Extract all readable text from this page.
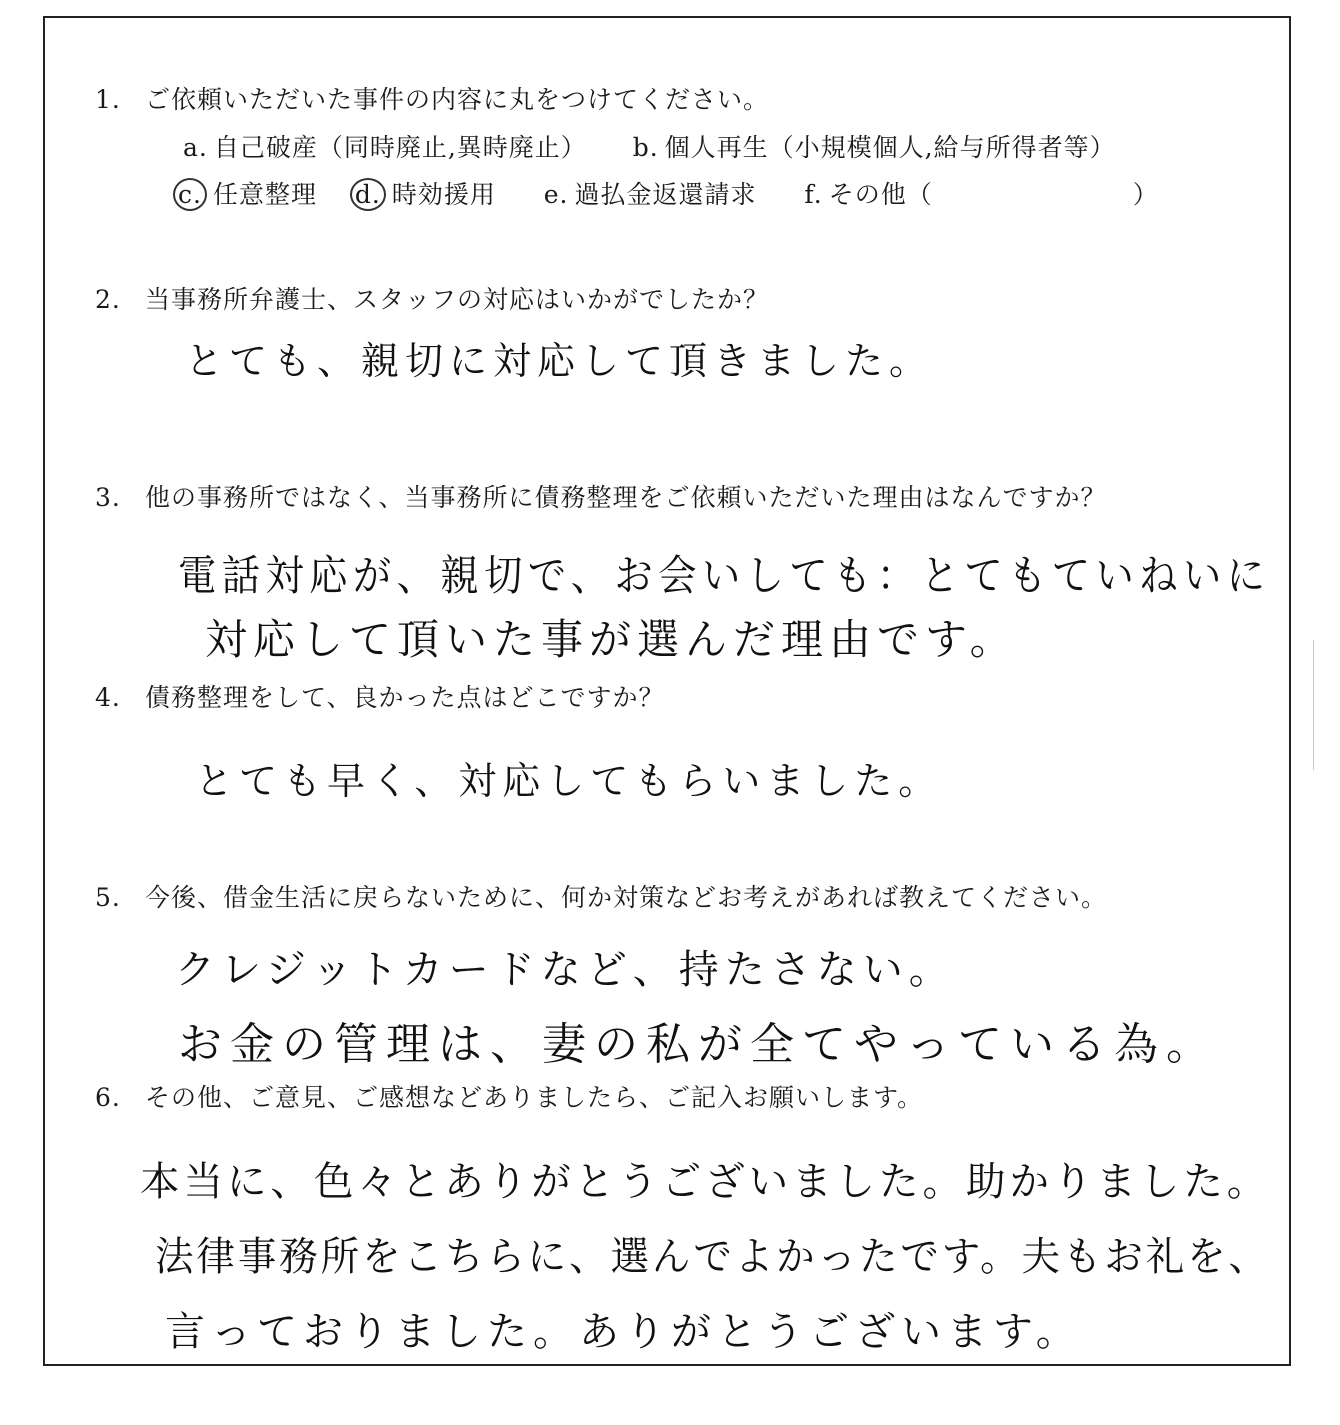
1. ご依頼いただいた事件の内容に丸をつけてください。
a. 自己破産（同時廃止,異時廃止） b. 個人再生（小規模個人,給与所得者等）
c. 任意整理 d. 時効援用 e. 過払金返還請求 f. その他（	）
2. 当事務所弁護士、スタッフの対応はいかがでしたか？
とても、親切に対応して頂きました。
3. 他の事務所ではなく、当事務所に債務整理をご依頼いただいた理由はなんですか？
電話対応が、親切で、お会いしても：とてもていねいに
対応して頂いた事が選んだ理由です。
4. 債務整理をして、良かった点はどこですか？
とても早く、対応してもらいました。
5. 今後、借金生活に戻らないために、何か対策などお考えがあれば教えてください。
クレジットカードなど、持たさない。
お金の管理は、妻の私が全てやっている為。
6. その他、ご意見、ご感想などありましたら、ご記入お願いします。
本当に、色々とありがとうございました。助かりました。
法律事務所をこちらに、選んでよかったです。夫もお礼を、
言っておりました。ありがとうございます。
